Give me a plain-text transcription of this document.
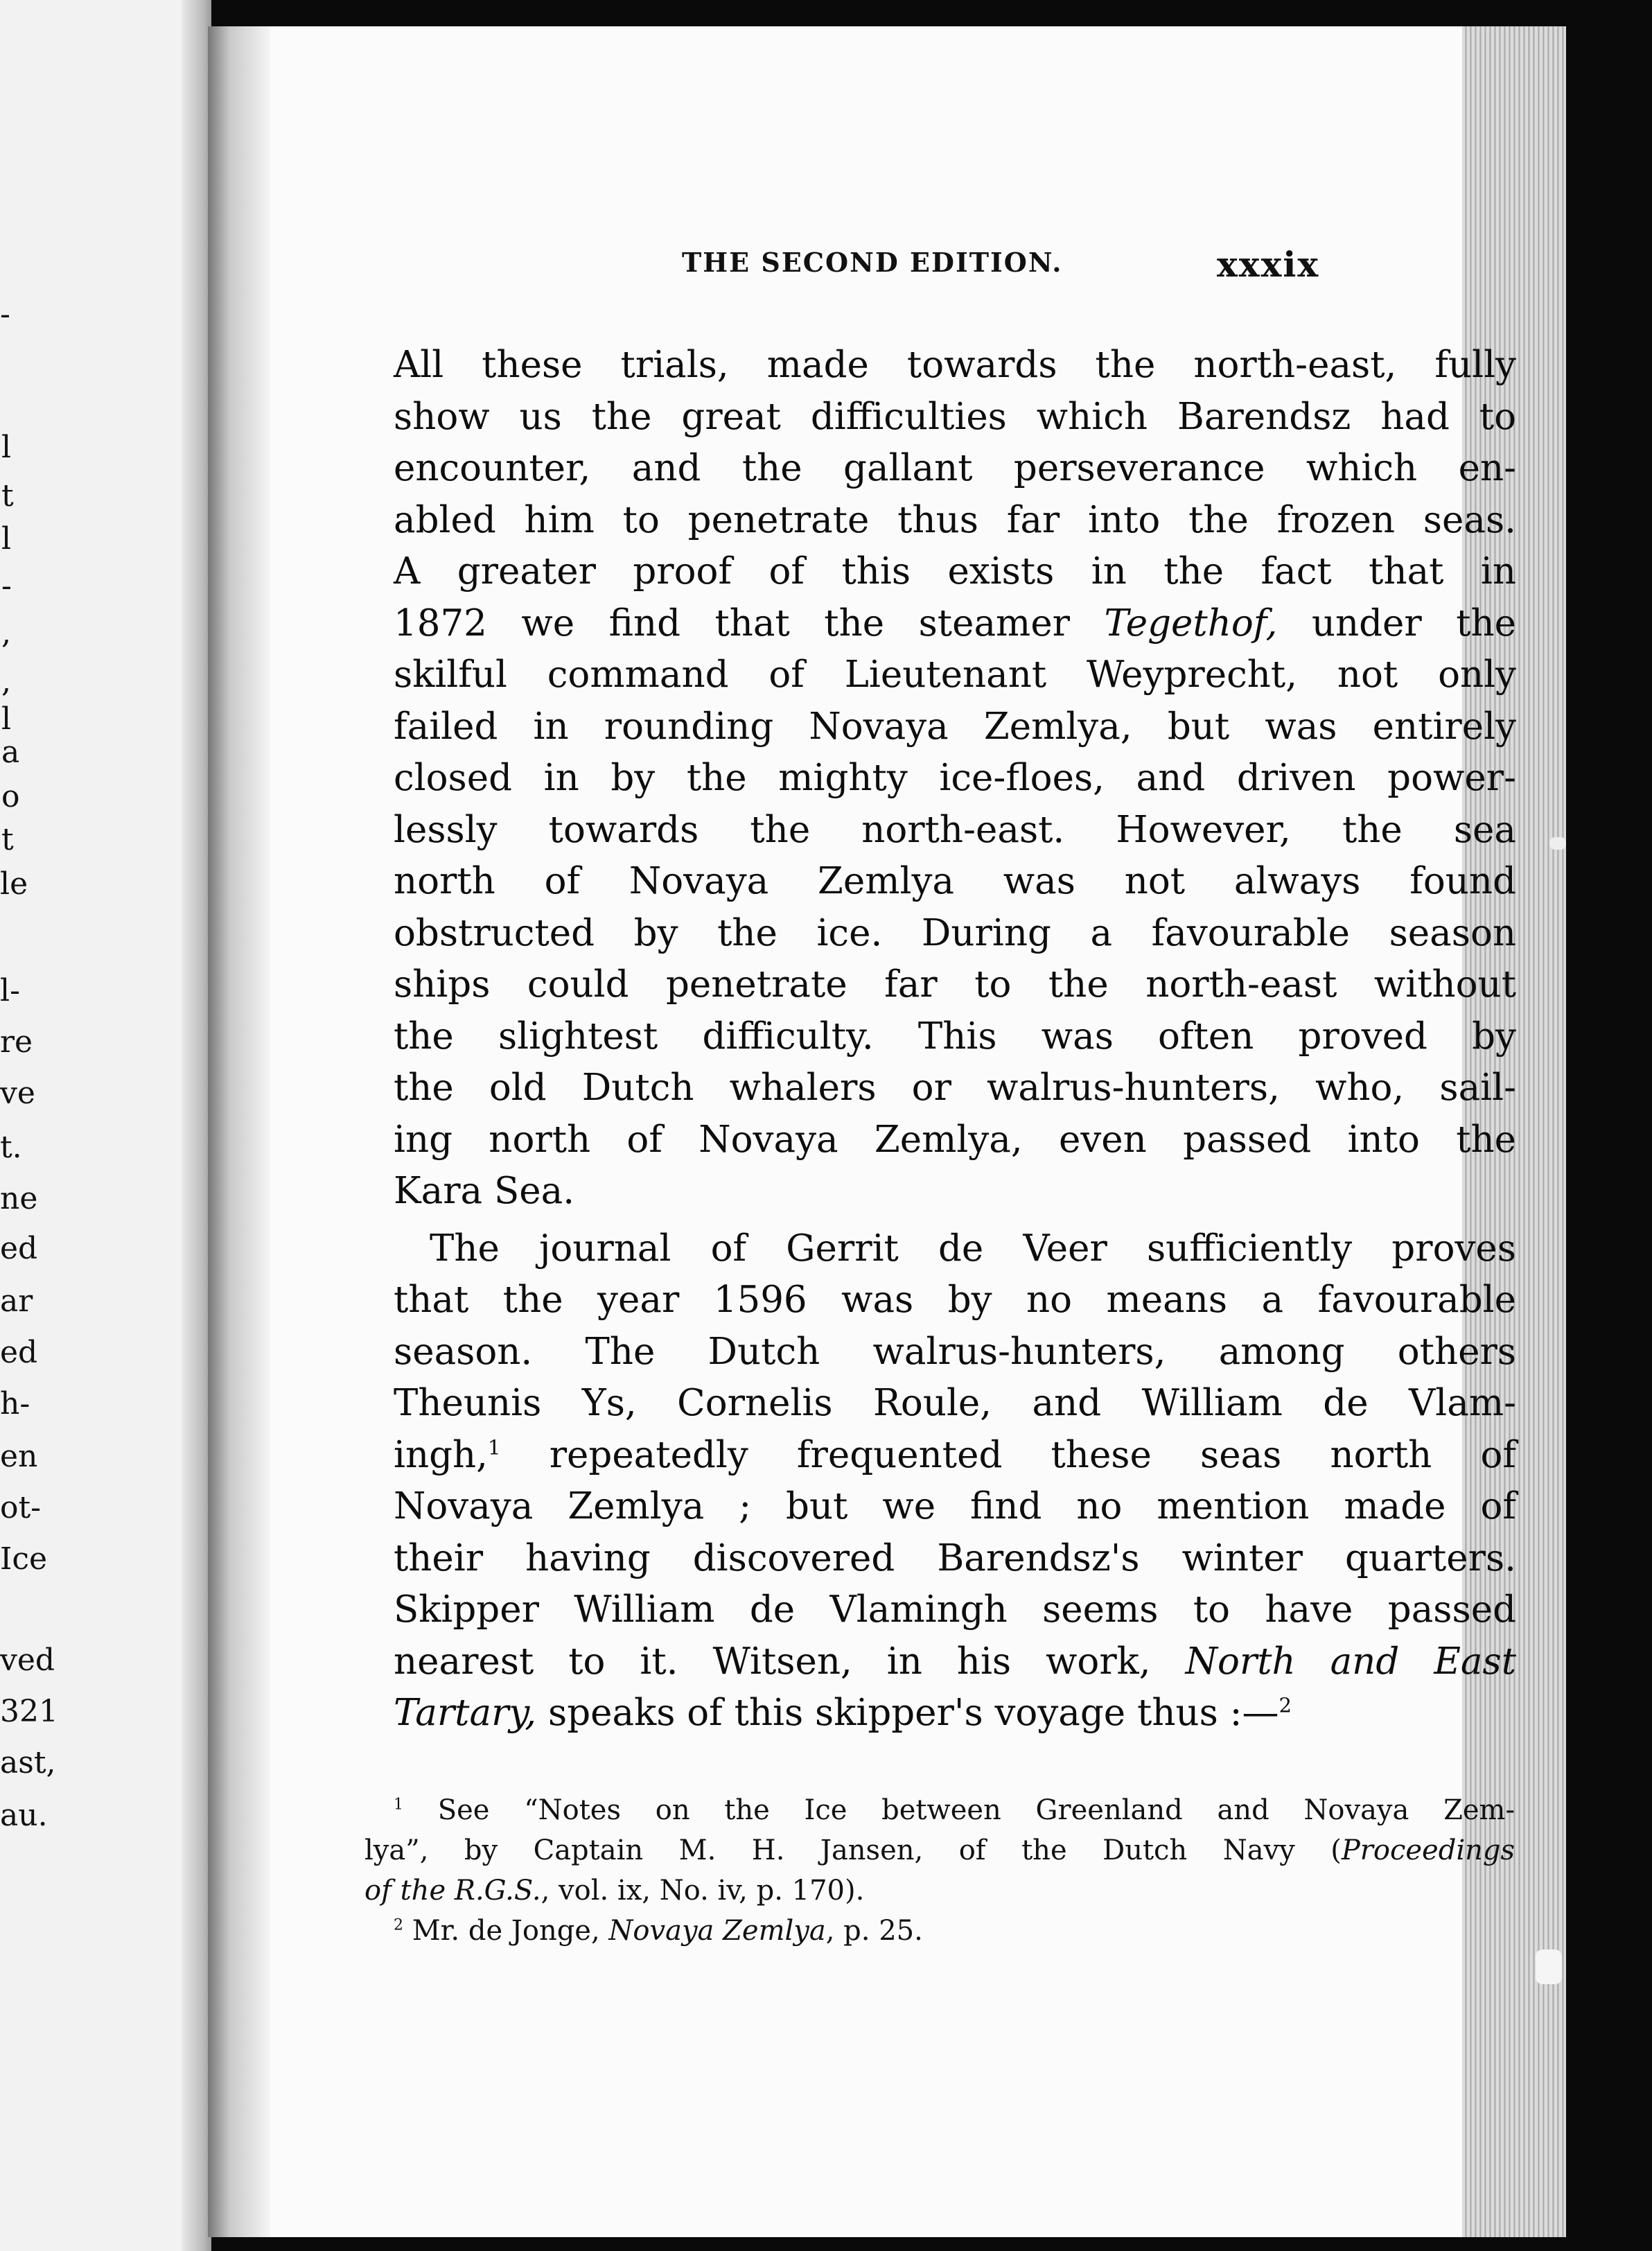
-
l
t
l
-
,
,
l
a
o
t
le
l-
re
ve
t.
ne
ed
ar
ed
h-
en
ot-
Ice
ved
321
ast,
au.
THE SECOND EDITION.	xxxix
All these trials, made towards the north-east, fully
show us the great difficulties which Barendsz had to
encounter, and the gallant perseverance which en-
abled him to penetrate thus far into the frozen seas.
A greater proof of this exists in the fact that in
1872 we find that the steamer Tegethof, under the
skilful command of Lieutenant Weyprecht, not only
failed in rounding Novaya Zemlya, but was entirely
closed in by the mighty ice-floes, and driven power-
lessly towards the north-east. However, the sea
north of Novaya Zemlya was not always found
obstructed by the ice. During a favourable season
ships could penetrate far to the north-east without
the slightest difficulty. This was often proved by
the old Dutch whalers or walrus-hunters, who, sail-
ing north of Novaya Zemlya, even passed into the
Kara Sea.
The journal of Gerrit de Veer sufficiently proves
that the year 1596 was by no means a favourable
season. The Dutch walrus-hunters, among others
Theunis Ys, Cornelis Roule, and William de Vlam-
ingh,$^1$ repeatedly frequented these seas north of
Novaya Zemlya ; but we find no mention made of
their having discovered Barendsz's winter quarters.
Skipper William de Vlamingh seems to have passed
nearest to it. Witsen, in his work, North and East
Tartary, speaks of this skipper's voyage thus :—$^2$
$^1$ See “Notes on the Ice between Greenland and Novaya Zem-
lya”, by Captain M. H. Jansen, of the Dutch Navy (Proceedings
of the R.G.S., vol. ix, No. iv, p. 170).
$^2$ Mr. de Jonge, Novaya Zemlya, p. 25.
